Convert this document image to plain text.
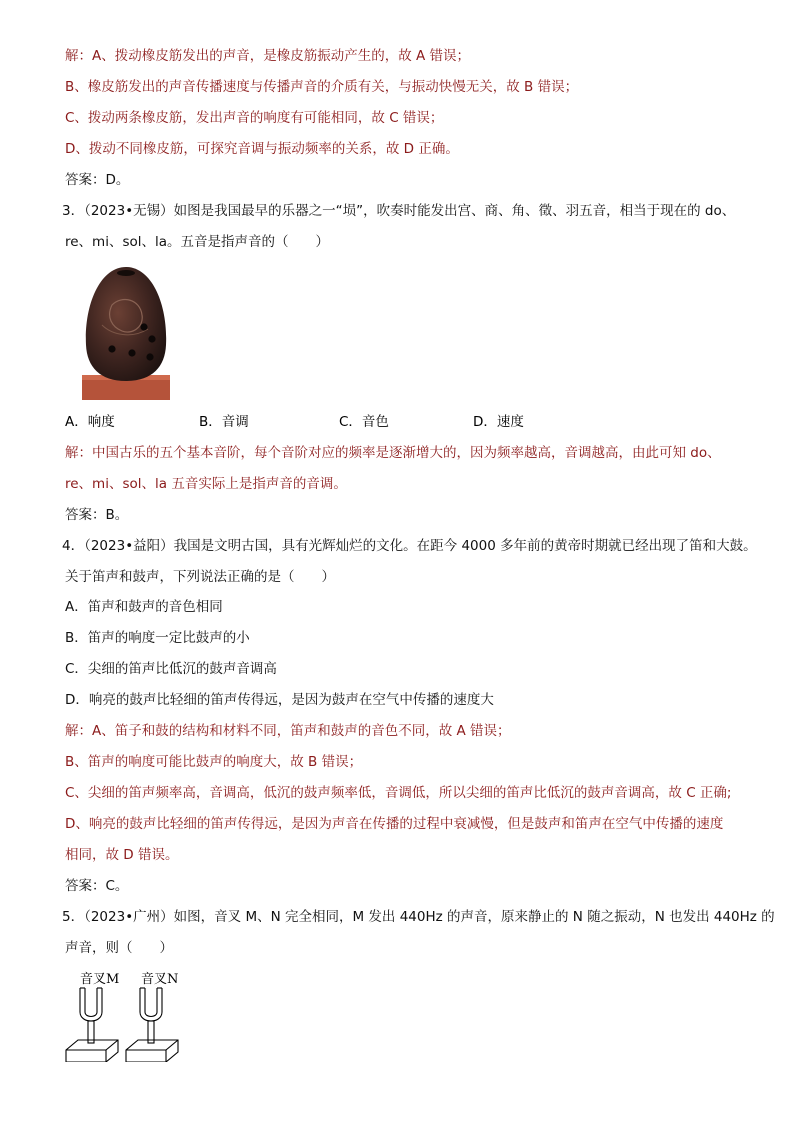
解：A、拨动橡皮筋发出的声音，是橡皮筋振动产生的，故 A 错误；
B、橡皮筋发出的声音传播速度与传播声音的介质有关，与振动快慢无关，故 B 错误；
C、拨动两条橡皮筋，发出声音的响度有可能相同，故 C 错误；
D、拨动不同橡皮筋，可探究音调与振动频率的关系，故 D 正确。
答案：D。
3．（2023•无锡）如图是我国最早的乐器之一“埙”，吹奏时能发出宫、商、角、徵、羽五音，相当于现在的 do、
re、mi、sol、la。五音是指声音的（　　）
A．响度	B．音调	C．音色	D．速度
解：中国古乐的五个基本音阶，每个音阶对应的频率是逐渐增大的，因为频率越高，音调越高，由此可知 do、
re、mi、sol、la 五音实际上是指声音的音调。
答案：B。
4．（2023•益阳）我国是文明古国，具有光辉灿烂的文化。在距今 4000 多年前的黄帝时期就已经出现了笛和大鼓。
关于笛声和鼓声，下列说法正确的是（　　）
A．笛声和鼓声的音色相同
B．笛声的响度一定比鼓声的小
C．尖细的笛声比低沉的鼓声音调高
D．响亮的鼓声比轻细的笛声传得远，是因为鼓声在空气中传播的速度大
解：A、笛子和鼓的结构和材料不同，笛声和鼓声的音色不同，故 A 错误；
B、笛声的响度可能比鼓声的响度大，故 B 错误；
C、尖细的笛声频率高，音调高，低沉的鼓声频率低，音调低，所以尖细的笛声比低沉的鼓声音调高，故 C 正确;
D、响亮的鼓声比轻细的笛声传得远，是因为声音在传播的过程中衰减慢，但是鼓声和笛声在空气中传播的速度
相同，故 D 错误。
答案：C。
5．（2023•广州）如图，音叉 M、N 完全相同，M 发出 440Hz 的声音，原来静止的 N 随之振动，N 也发出 440Hz 的
声音，则（　　）
音叉M 音叉N
